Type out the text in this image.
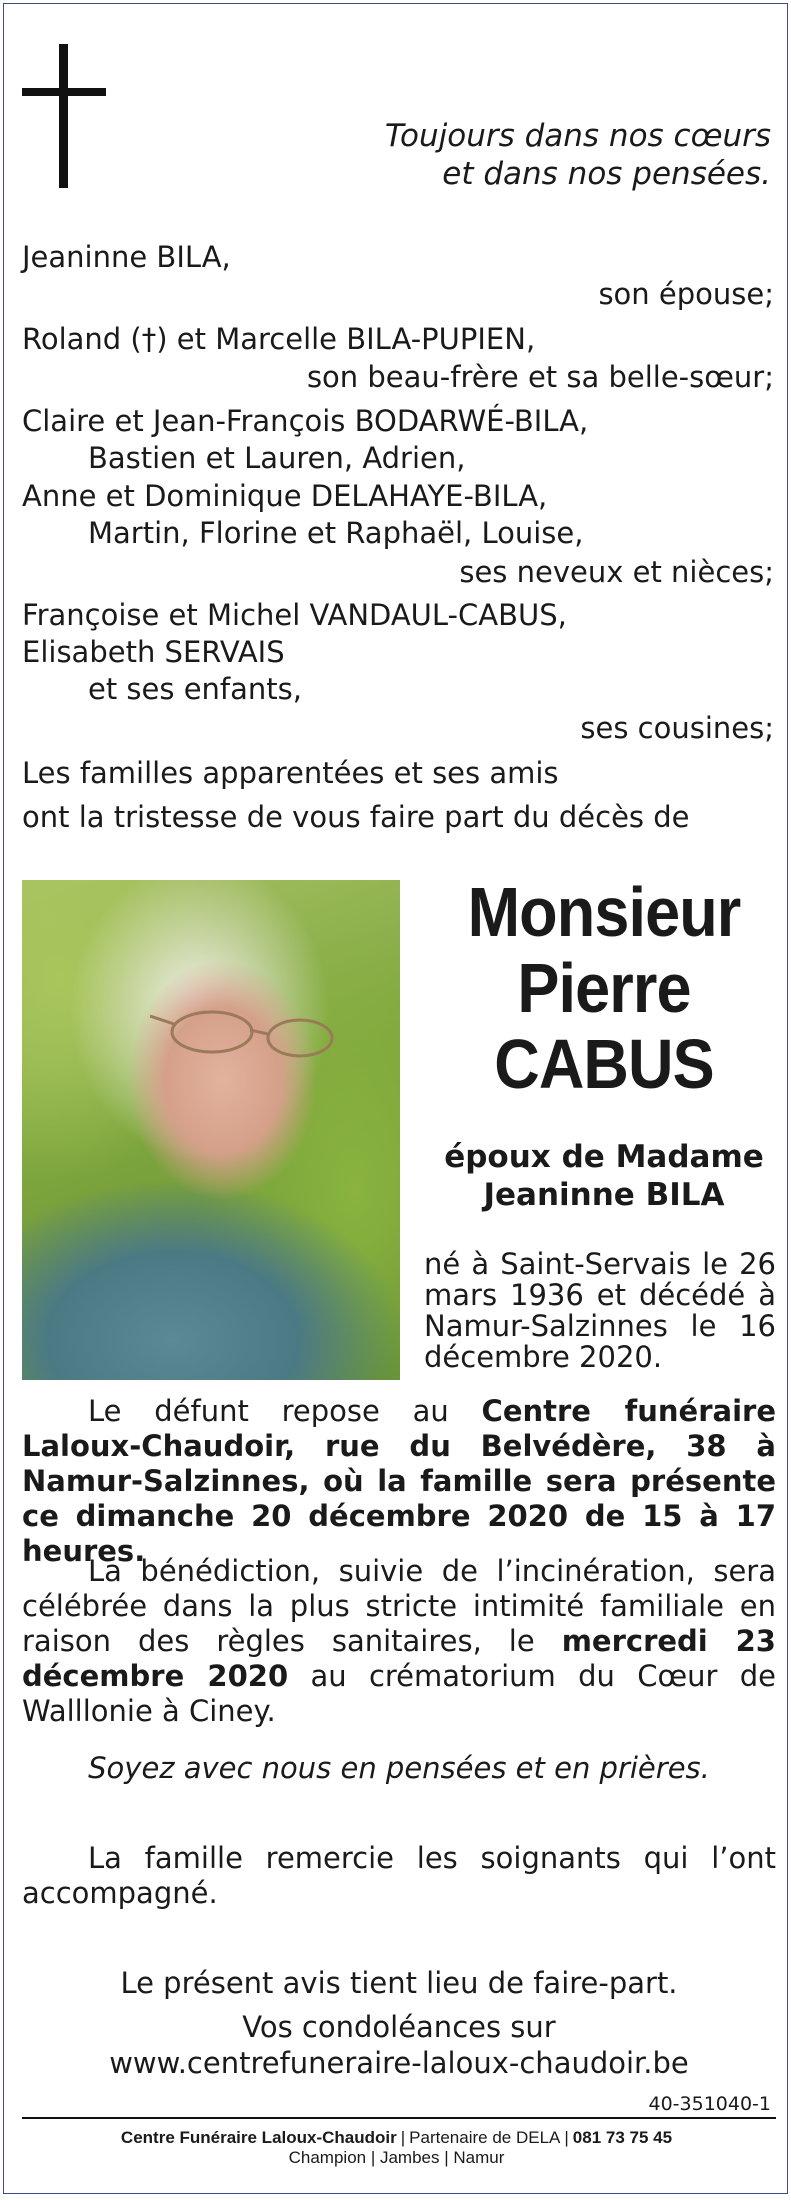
Toujours dans nos cœurs
et dans nos pensées.

Jeaninne BILA,

son épouse;

Roland (†) et Marcelle BILA-PUPIEN,

son beau-frère et sa belle-sœur;

Claire et Jean-François BODARWÉ-BILA,

Bastien et Lauren, Adrien,

Anne et Dominique DELAHAYE-BILA,

Martin, Florine et Raphaël, Louise,

ses neveux et nièces;

Françoise et Michel VANDAUL-CABUS,

Elisabeth SERVAIS

et ses enfants,

ses cousines;

Les familles apparentées et ses amis

ont la tristesse de vous faire part du décès de

Monsieur
Pierre
CABUS
époux de Madame
Jeaninne BILA

né à Saint-Servais le 26 mars 1936 et décédé à Namur-Salzinnes le 16 décembre 2020.

Le défunt repose au Centre funéraire Laloux-Chaudoir, rue du Belvédère, 38 à Namur-Salzinnes, où la famille sera présente ce dimanche 20 décembre 2020 de 15 à 17 heures.

La bénédiction, suivie de l’incinération, sera célébrée dans la plus stricte intimité familiale en raison des règles sanitaires, le mercredi 23 décembre 2020 au crématorium du Cœur de Walllonie à Ciney.

Soyez avec nous en pensées et en prières.

La famille remercie les soignants qui l’ont accompagné.

Le présent avis tient lieu de faire-part.
Vos condoléances sur
www.centrefuneraire-laloux-chaudoir.be
40-351040-1
Centre Funéraire Laloux-Chaudoir | Partenaire de DELA | 081 73 75 45
Champion | Jambes | Namur
